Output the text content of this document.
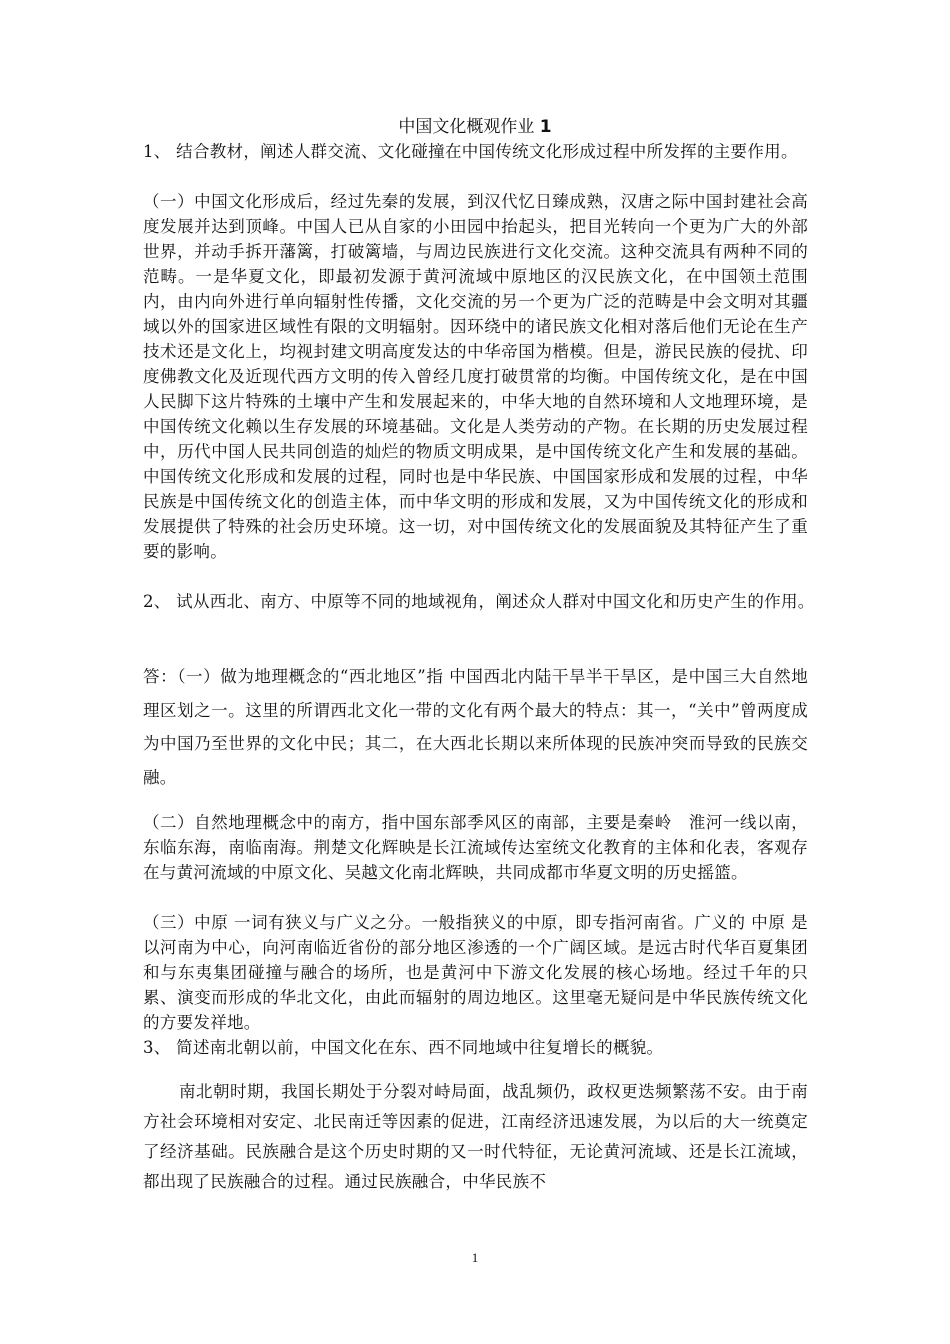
中国文化概观作业 1
1、 结合教材，阐述人群交流、文化碰撞在中国传统文化形成过程中所发挥的主要作用。
（一）中国文化形成后，经过先秦的发展，到汉代忆日臻成熟，汉唐之际中国封建社会高度发展并达到顶峰。中国人已从自家的小田园中抬起头，把目光转向一个更为广大的外部世界，并动手拆开藩篱，打破篱墙，与周边民族进行文化交流。这种交流具有两种不同的范畴。一是华夏文化，即最初发源于黄河流域中原地区的汉民族文化，在中国领土范围内，由内向外进行单向辐射性传播，文化交流的另一个更为广泛的范畴是中会文明对其疆域以外的国家进区域性有限的文明辐射。因环绕中的诸民族文化相对落后他们无论在生产技术还是文化上，均视封建文明高度发达的中华帝国为楷模。但是，游民民族的侵扰、印度佛教文化及近现代西方文明的传入曾经几度打破贯常的均衡。中国传统文化，是在中国人民脚下这片特殊的土壤中产生和发展起来的，中华大地的自然环境和人文地理环境，是中国传统文化赖以生存发展的环境基础。文化是人类劳动的产物。在长期的历史发展过程中，历代中国人民共同创造的灿烂的物质文明成果，是中国传统文化产生和发展的基础。中国传统文化形成和发展的过程，同时也是中华民族、中国国家形成和发展的过程，中华民族是中国传统文化的创造主体，而中华文明的形成和发展，又为中国传统文化的形成和发展提供了特殊的社会历史环境。这一切，对中国传统文化的发展面貌及其特征产生了重要的影响。
2、 试从西北、南方、中原等不同的地域视角，阐述众人群对中国文化和历史产生的作用。
答：（一）做为地理概念的“西北地区”指 中国西北内陆干旱半干旱区，是中国三大自然地理区划之一。这里的所谓西北文化一带的文化有两个最大的特点：其一，“关中”曾两度成为中国乃至世界的文化中民；其二，在大西北长期以来所体现的民族冲突而导致的民族交融。
（二）自然地理概念中的南方，指中国东部季风区的南部，主要是秦岭　淮河一线以南，东临东海，南临南海。荆楚文化辉映是长江流域传达室统文化教育的主体和化表，客观存在与黄河流域的中原文化、吴越文化南北辉映，共同成都市华夏文明的历史摇篮。
（三）中原 一词有狭义与广义之分。一般指狭义的中原，即专指河南省。广义的 中原 是以河南为中心，向河南临近省份的部分地区渗透的一个广阔区域。是远古时代华百夏集团和与东夷集团碰撞与融合的场所，也是黄河中下游文化发展的核心场地。经过千年的只累、演变而形成的华北文化，由此而辐射的周边地区。这里毫无疑问是中华民族传统文化的方要发祥地。
3、 简述南北朝以前，中国文化在东、西不同地域中往复增长的概貌。
南北朝时期，我国长期处于分裂对峙局面，战乱频仍，政权更迭频繁荡不安。由于南方社会环境相对安定、北民南迁等因素的促进，江南经济迅速发展，为以后的大一统奠定了经济基础。民族融合是这个历史时期的又一时代特征，无论黄河流域、还是长江流域，都出现了民族融合的过程。通过民族融合，中华民族不
1
